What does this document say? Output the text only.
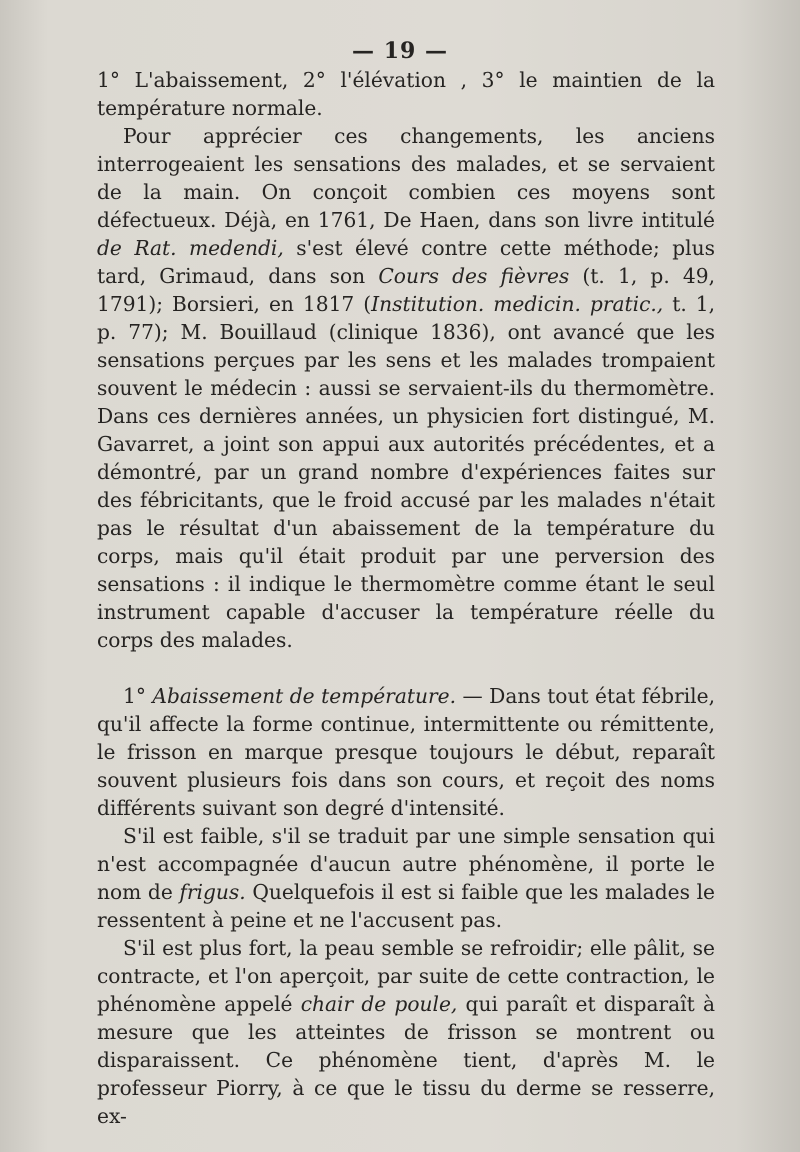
— 19 —

1° L'abaissement, 2° l'élévation , 3° le maintien de la température normale.

Pour apprécier ces changements, les anciens interrogeaient les sensations des malades, et se servaient de la main. On conçoit combien ces moyens sont défectueux. Déjà, en 1761, De Haen, dans son livre intitulé de Rat. medendi, s'est élevé contre cette méthode; plus tard, Grimaud, dans son Cours des fièvres (t. 1, p. 49, 1791); Borsieri, en 1817 (Institution. medicin. pratic., t. 1, p. 77); M. Bouillaud (clinique 1836), ont avancé que les sensations perçues par les sens et les malades trompaient souvent le médecin : aussi se servaient-ils du thermomètre. Dans ces dernières années, un physicien fort distingué, M. Gavarret, a joint son appui aux autorités précédentes, et a démontré, par un grand nombre d'expériences faites sur des fébricitants, que le froid accusé par les malades n'était pas le résultat d'un abaissement de la température du corps, mais qu'il était produit par une perversion des sensations : il indique le thermomètre comme étant le seul instrument capable d'accuser la température réelle du corps des malades.

1° Abaissement de température. — Dans tout état fébrile, qu'il affecte la forme continue, intermittente ou rémittente, le frisson en marque presque toujours le début, reparaît souvent plusieurs fois dans son cours, et reçoit des noms différents suivant son degré d'intensité.

S'il est faible, s'il se traduit par une simple sensation qui n'est accompagnée d'aucun autre phénomène, il porte le nom de frigus. Quelquefois il est si faible que les malades le ressentent à peine et ne l'accusent pas.

S'il est plus fort, la peau semble se refroidir; elle pâlit, se contracte, et l'on aperçoit, par suite de cette contraction, le phénomène appelé chair de poule, qui paraît et disparaît à mesure que les atteintes de frisson se montrent ou disparaissent. Ce phénomène tient, d'après M. le professeur Piorry, à ce que le tissu du derme se resserre, ex-
